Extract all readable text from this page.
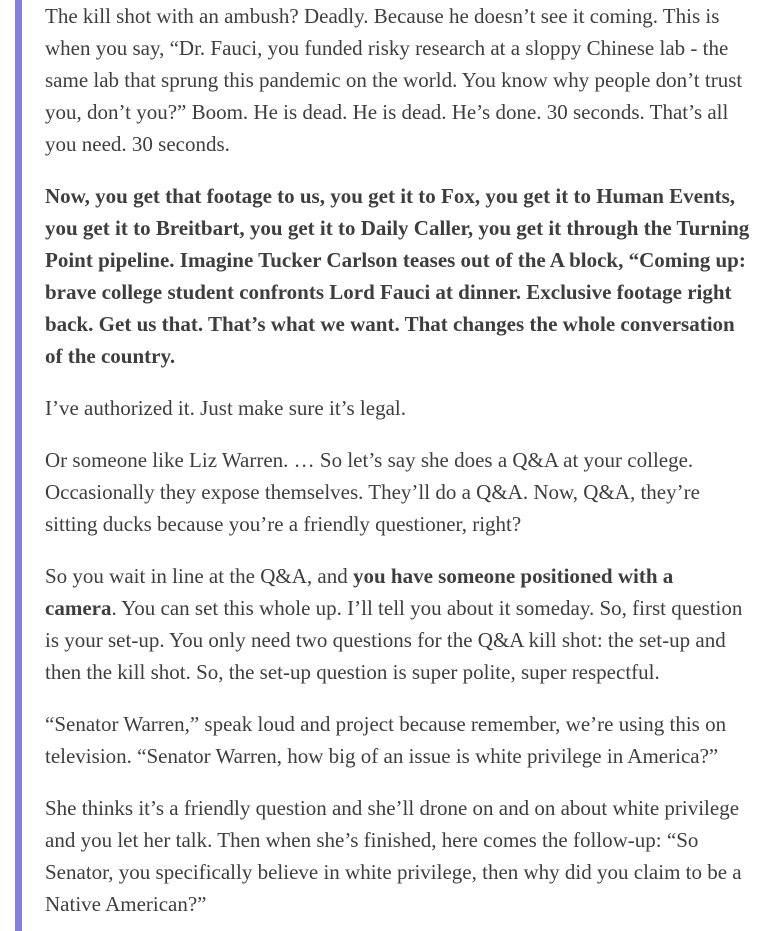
The kill shot with an ambush? Deadly. Because he doesn’t see it coming. This is when you say, “Dr. Fauci, you funded risky research at a sloppy Chinese lab - the same lab that sprung this pandemic on the world. You know why people don’t trust you, don’t you?” Boom. He is dead. He is dead. He’s done. 30 seconds. That’s all you need. 30 seconds.

Now, you get that footage to us, you get it to Fox, you get it to Human Events, you get it to Breitbart, you get it to Daily Caller, you get it through the Turning Point pipeline. Imagine Tucker Carlson teases out of the A block, “Coming up: brave college student confronts Lord Fauci at dinner. Exclusive footage right back. Get us that. That’s what we want. That changes the whole conversation of the country.

I’ve authorized it. Just make sure it’s legal.

Or someone like Liz Warren. … So let’s say she does a Q&A at your college. Occasionally they expose themselves. They’ll do a Q&A. Now, Q&A, they’re sitting ducks because you’re a friendly questioner, right?

So you wait in line at the Q&A, and you have someone positioned with a camera. You can set this whole up. I’ll tell you about it someday. So, first question is your set-up. You only need two questions for the Q&A kill shot: the set-up and then the kill shot. So, the set-up question is super polite, super respectful.

“Senator Warren,” speak loud and project because remember, we’re using this on television. “Senator Warren, how big of an issue is white privilege in America?”

She thinks it’s a friendly question and she’ll drone on and on about white privilege and you let her talk. Then when she’s finished, here comes the follow-up: “So Senator, you specifically believe in white privilege, then why did you claim to be a Native American?”
